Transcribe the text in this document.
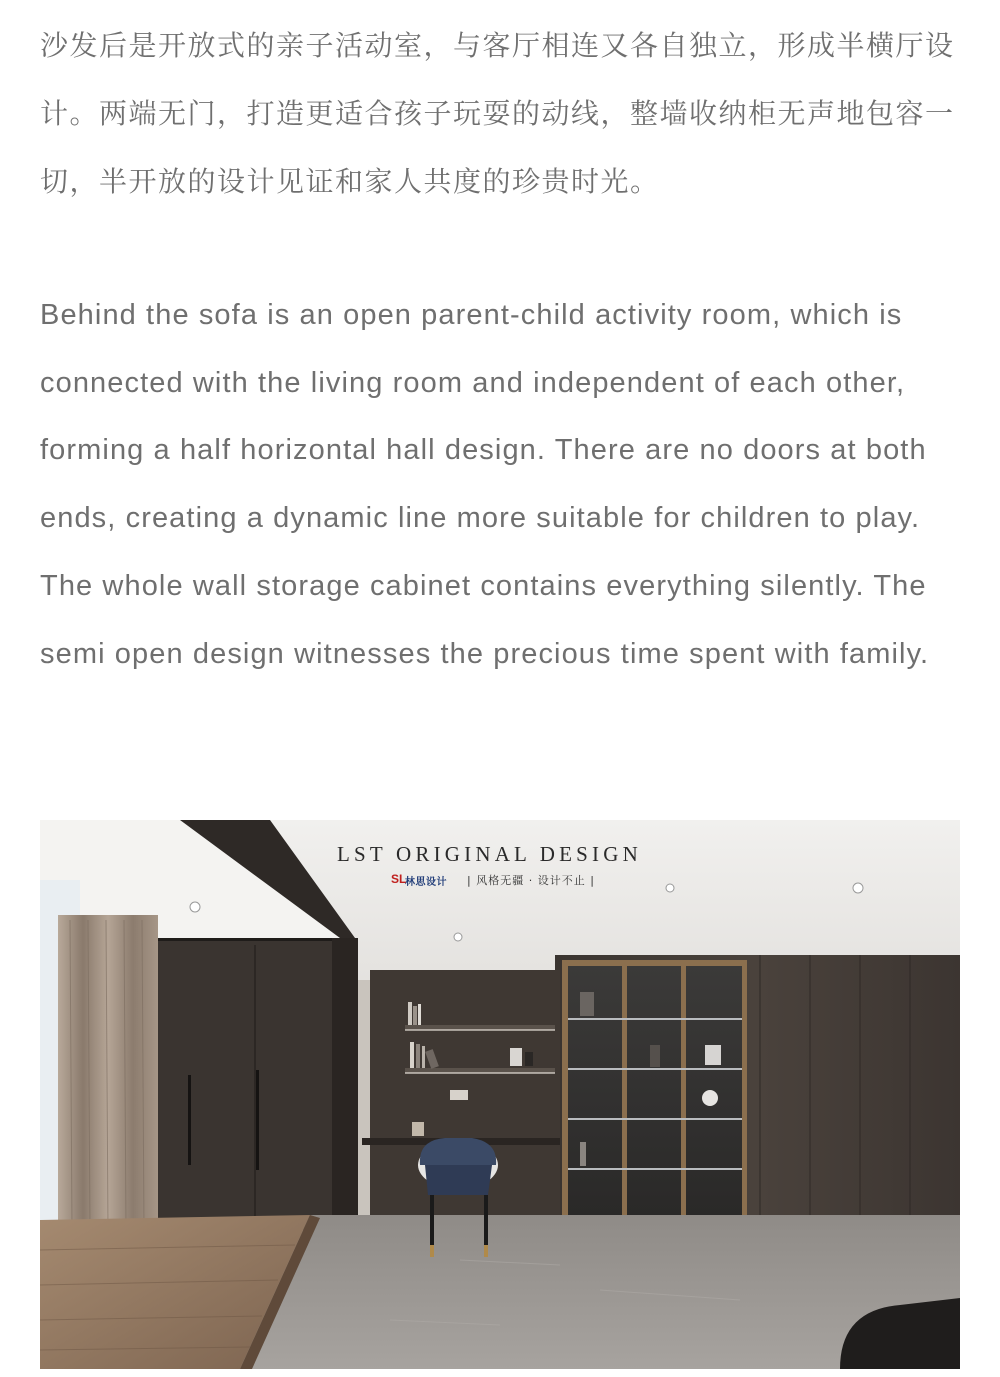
沙发后是开放式的亲子活动室，与客厅相连又各自独立，形成半横厅设计。两端无门，打造更适合孩子玩耍的动线，整墙收纳柜无声地包容一切，半开放的设计见证和家人共度的珍贵时光。

Behind the sofa is an open parent-child activity room, which is connected with the living room and independent of each other, forming a half horizontal hall design. There are no doors at both ends, creating a dynamic line more suitable for children to play. The whole wall storage cabinet contains everything silently. The semi open design witnesses the precious time spent with family.

LST ORIGINAL DESIGN
SL
林思设计 | 风格无疆 · 设计不止 |
